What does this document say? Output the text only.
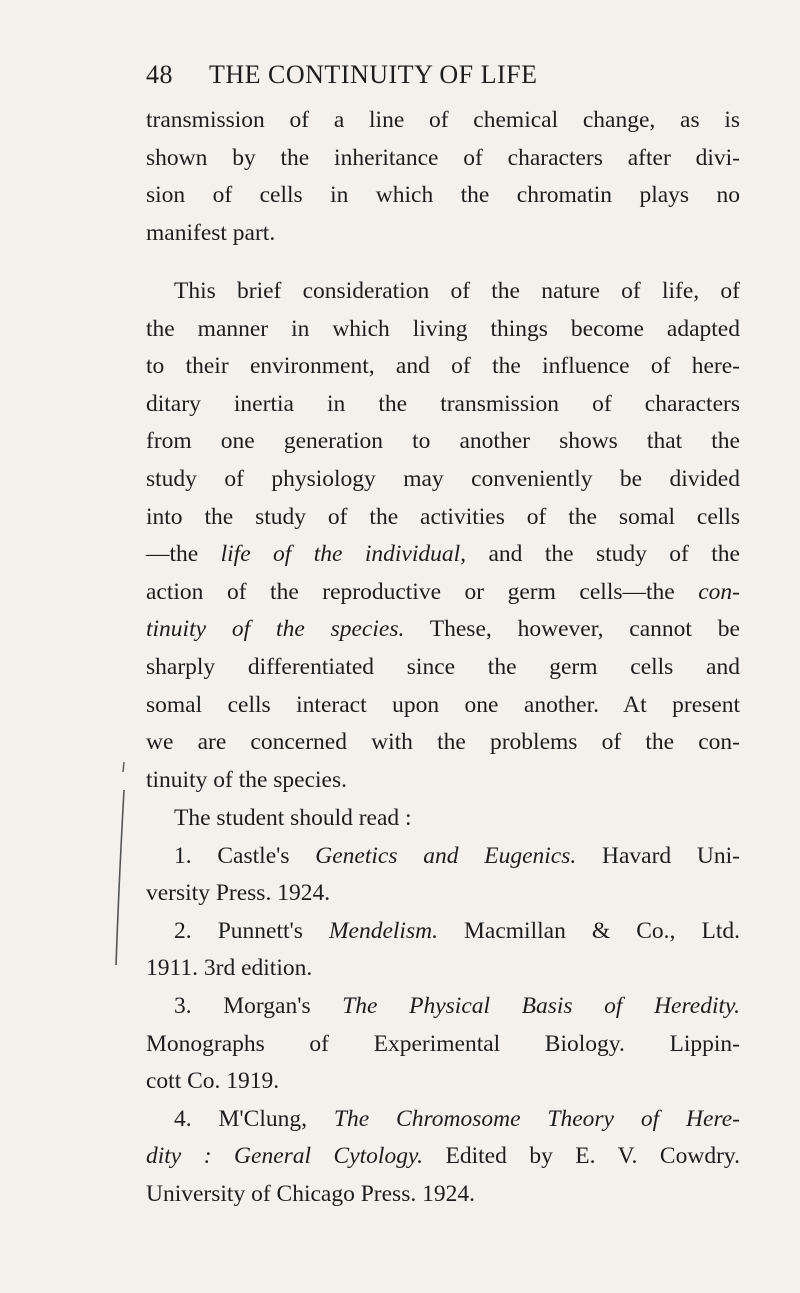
48 THE CONTINUITY OF LIFE
transmission of a line of chemical change, as is
shown by the inheritance of characters after divi-
sion of cells in which the chromatin plays no
manifest part.
This brief consideration of the nature of life, of
the manner in which living things become adapted
to their environment, and of the influence of here-
ditary inertia in the transmission of characters
from one generation to another shows that the
study of physiology may conveniently be divided
into the study of the activities of the somal cells
—the life of the individual, and the study of the
action of the reproductive or germ cells—the con-
tinuity of the species. These, however, cannot be
sharply differentiated since the germ cells and
somal cells interact upon one another. At present
we are concerned with the problems of the con-
tinuity of the species.
The student should read :
1. Castle's Genetics and Eugenics. Havard Uni-
versity Press. 1924.
2. Punnett's Mendelism. Macmillan & Co., Ltd.
1911. 3rd edition.
3. Morgan's The Physical Basis of Heredity.
Monographs of Experimental Biology. Lippin-
cott Co. 1919.
4. M'Clung, The Chromosome Theory of Here-
dity : General Cytology. Edited by E. V. Cowdry.
University of Chicago Press. 1924.
